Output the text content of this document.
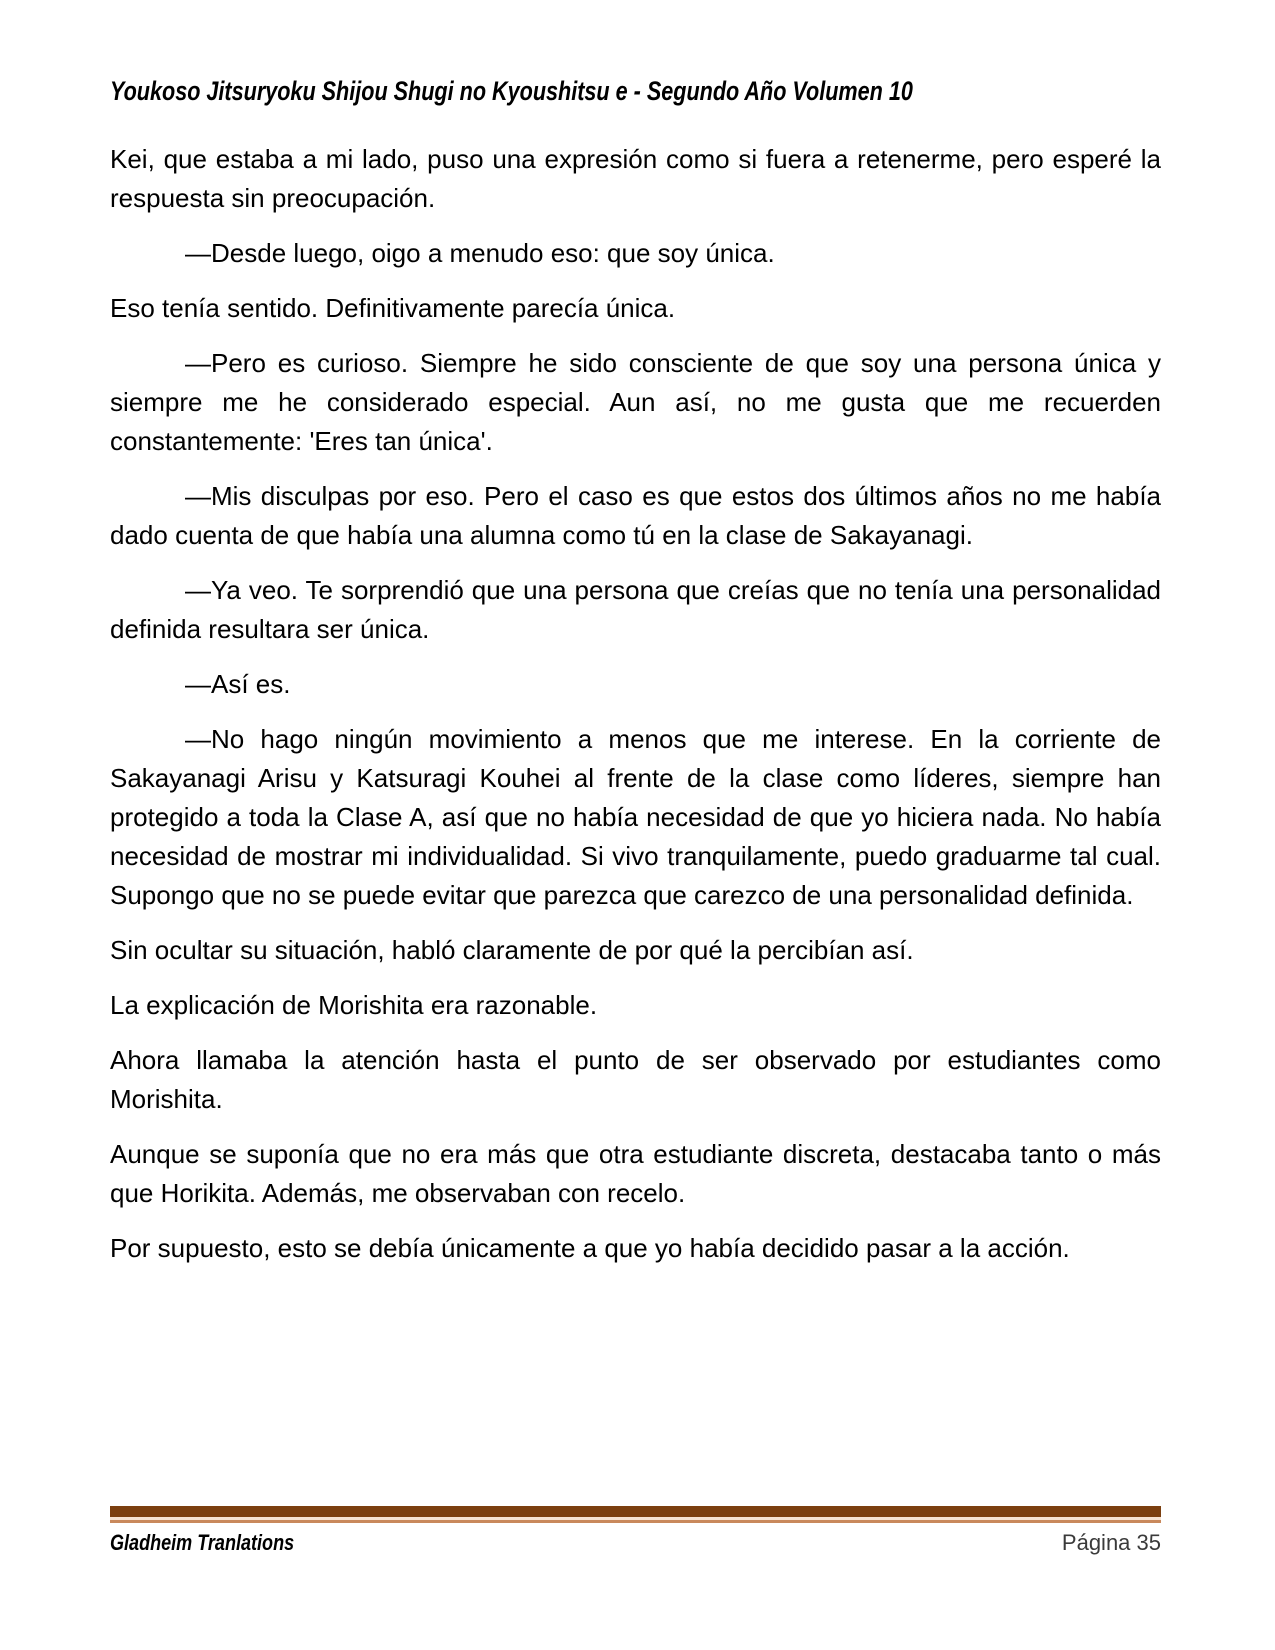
Youkoso Jitsuryoku Shijou Shugi no Kyoushitsu e - Segundo Año Volumen 10

Kei, que estaba a mi lado, puso una expresión como si fuera a retenerme, pero esperé la respuesta sin preocupación.

—Desde luego, oigo a menudo eso: que soy única.

Eso tenía sentido. Definitivamente parecía única.

—Pero es curioso. Siempre he sido consciente de que soy una persona única y siempre me he considerado especial. Aun así, no me gusta que me recuerden constantemente: 'Eres tan única'.

—Mis disculpas por eso. Pero el caso es que estos dos últimos años no me había dado cuenta de que había una alumna como tú en la clase de Sakayanagi.

—Ya veo. Te sorprendió que una persona que creías que no tenía una personalidad definida resultara ser única.

—Así es.

—No hago ningún movimiento a menos que me interese. En la corriente de Sakayanagi Arisu y Katsuragi Kouhei al frente de la clase como líderes, siempre han protegido a toda la Clase A, así que no había necesidad de que yo hiciera nada. No había necesidad de mostrar mi individualidad. Si vivo tranquilamente, puedo graduarme tal cual. Supongo que no se puede evitar que parezca que carezco de una personalidad definida.

Sin ocultar su situación, habló claramente de por qué la percibían así.

La explicación de Morishita era razonable.

Ahora llamaba la atención hasta el punto de ser observado por estudiantes como Morishita.

Aunque se suponía que no era más que otra estudiante discreta, destacaba tanto o más que Horikita. Además, me observaban con recelo.

Por supuesto, esto se debía únicamente a que yo había decidido pasar a la acción.

Gladheim Tranlations	Página 35
